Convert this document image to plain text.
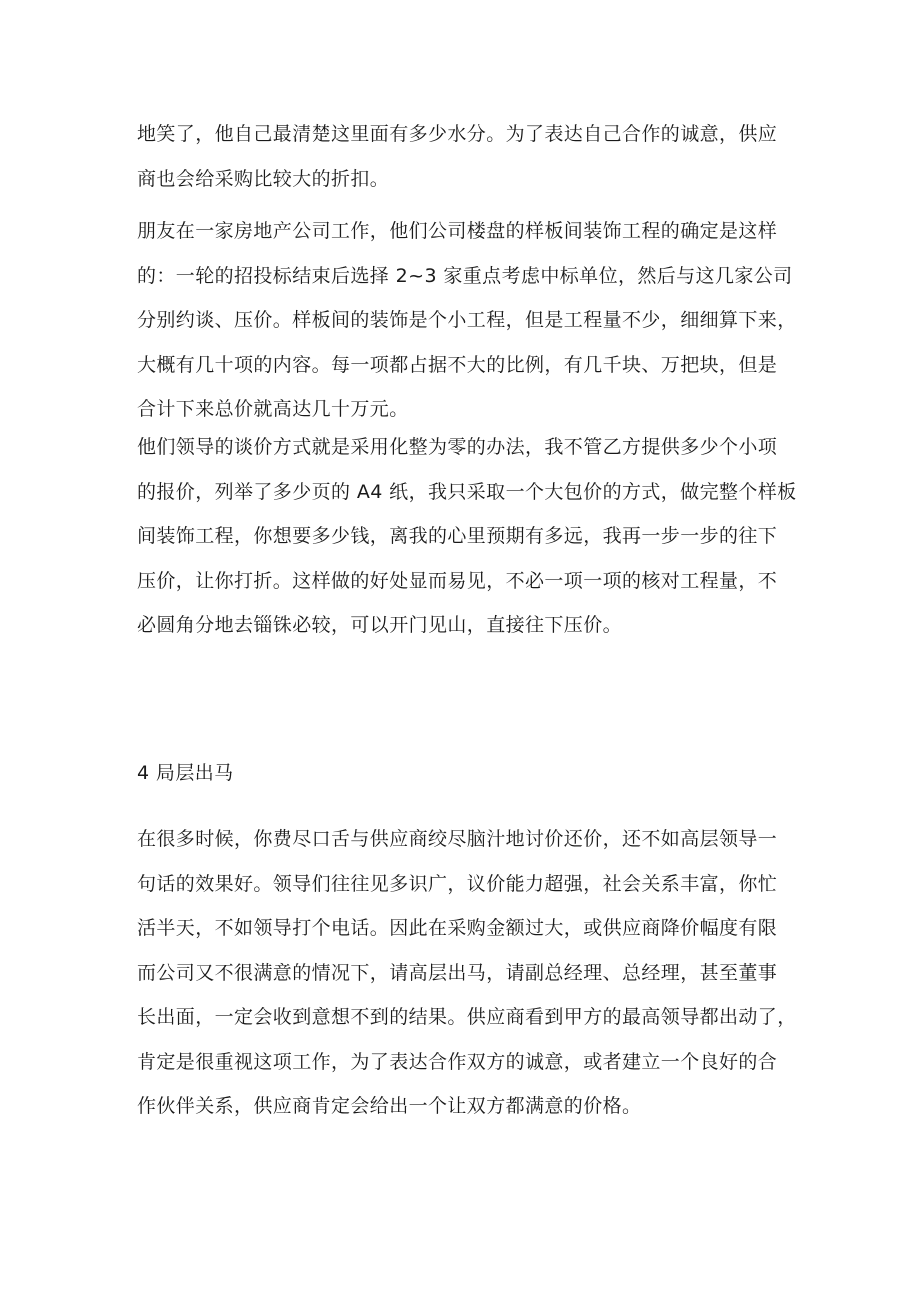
地笑了，他自己最清楚这里面有多少水分。为了表达自己合作的诚意，供应
商也会给采购比较大的折扣。
朋友在一家房地产公司工作，他们公司楼盘的样板间装饰工程的确定是这样
的：一轮的招投标结束后选择 2~3 家重点考虑中标单位，然后与这几家公司
分别约谈、压价。样板间的装饰是个小工程，但是工程量不少，细细算下来，
大概有几十项的内容。每一项都占据不大的比例，有几千块、万把块，但是
合计下来总价就高达几十万元。
他们领导的谈价方式就是采用化整为零的办法，我不管乙方提供多少个小项
的报价，列举了多少页的 A4 纸，我只采取一个大包价的方式，做完整个样板
间装饰工程，你想要多少钱，离我的心里预期有多远，我再一步一步的往下
压价，让你打折。这样做的好处显而易见，不必一项一项的核对工程量，不
必圆角分地去锱铢必较，可以开门见山，直接往下压价。
4 局层出马
在很多时候，你费尽口舌与供应商绞尽脑汁地讨价还价，还不如高层领导一
句话的效果好。领导们往往见多识广，议价能力超强，社会关系丰富，你忙
活半天，不如领导打个电话。因此在采购金额过大，或供应商降价幅度有限
而公司又不很满意的情况下，请高层出马，请副总经理、总经理，甚至董事
长出面，一定会收到意想不到的结果。供应商看到甲方的最高领导都出动了，
肯定是很重视这项工作，为了表达合作双方的诚意，或者建立一个良好的合
作伙伴关系，供应商肯定会给出一个让双方都满意的价格。
